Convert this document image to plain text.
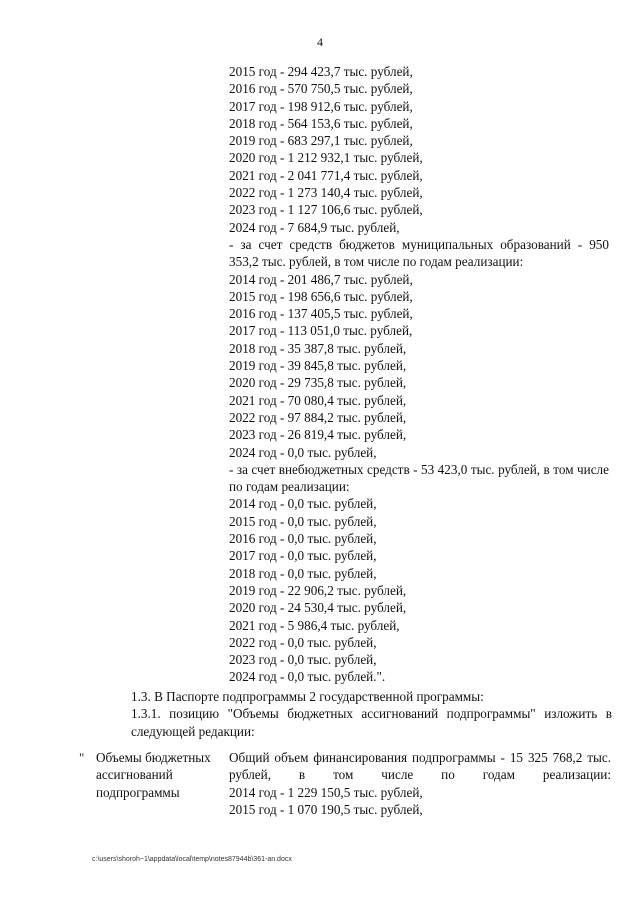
4
2015 год - 294 423,7 тыс. рублей,
2016 год - 570 750,5 тыс. рублей,
2017 год - 198 912,6 тыс. рублей,
2018 год - 564 153,6 тыс. рублей,
2019 год - 683 297,1 тыс. рублей,
2020 год - 1 212 932,1 тыс. рублей,
2021 год - 2 041 771,4 тыс. рублей,
2022 год - 1 273 140,4 тыс. рублей,
2023 год - 1 127 106,6 тыс. рублей,
2024 год - 7 684,9 тыс. рублей,
- за счет средств бюджетов муниципальных образований - 950 353,2 тыс. рублей, в том числе по годам реализации:
2014 год - 201 486,7 тыс. рублей,
2015 год - 198 656,6 тыс. рублей,
2016 год - 137 405,5 тыс. рублей,
2017 год - 113 051,0 тыс. рублей,
2018 год - 35 387,8 тыс. рублей,
2019 год - 39 845,8 тыс. рублей,
2020 год - 29 735,8 тыс. рублей,
2021 год - 70 080,4 тыс. рублей,
2022 год - 97 884,2 тыс. рублей,
2023 год - 26 819,4 тыс. рублей,
2024 год - 0,0 тыс. рублей,
- за счет внебюджетных средств - 53 423,0 тыс. рублей, в том числе по годам реализации:
2014 год - 0,0 тыс. рублей,
2015 год - 0,0 тыс. рублей,
2016 год - 0,0 тыс. рублей,
2017 год - 0,0 тыс. рублей,
2018 год - 0,0 тыс. рублей,
2019 год - 22 906,2 тыс. рублей,
2020 год - 24 530,4 тыс. рублей,
2021 год - 5 986,4 тыс. рублей,
2022 год - 0,0 тыс. рублей,
2023 год - 0,0 тыс. рублей,
2024 год - 0,0 тыс. рублей.".
1.3. В Паспорте подпрограммы 2 государственной программы:
1.3.1. позицию "Объемы бюджетных ассигнований подпрограммы" изложить в следующей редакции:
" Объемы бюджетных ассигнований подпрограммы
Общий объем финансирования подпрограммы - 15 325 768,2 тыс. рублей, в том числе по годам реализации:
2014 год - 1 229 150,5 тыс. рублей,
2015 год - 1 070 190,5 тыс. рублей,
c:\users\shoroh~1\appdata\local\temp\notes87944b\361-an.docx
